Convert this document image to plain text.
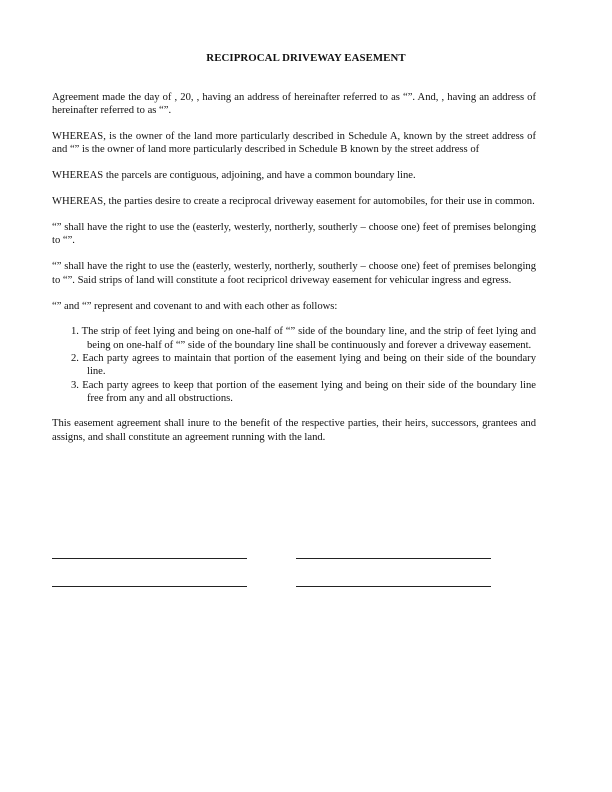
RECIPROCAL DRIVEWAY EASEMENT

Agreement made the day of , 20, , having an address of hereinafter referred to as “”. And, , having an address of hereinafter referred to as “”.

WHEREAS, is the owner of the land more particularly described in Schedule A, known by the street address of and “” is the owner of land more particularly described in Schedule B known by the street address of

WHEREAS the parcels are contiguous, adjoining, and have a common boundary line.

WHEREAS, the parties desire to create a reciprocal driveway easement for automobiles, for their use in common.

“” shall have the right to use the (easterly, westerly, northerly, southerly – choose one) feet of premises belonging to “”.

“” shall have the right to use the (easterly, westerly, northerly, southerly – choose one) feet of premises belonging to “”. Said strips of land will constitute a foot recipricol driveway easement for vehicular ingress and egress.

“” and “” represent and covenant to and with each other as follows:

1. The strip of feet lying and being on one-half of “” side of the boundary line, and the strip of feet lying and being on one-half of “” side of the boundary line shall be continuously and forever a driveway easement.
2. Each party agrees to maintain that portion of the easement lying and being on their side of the boundary line.
3. Each party agrees to keep that portion of the easement lying and being on their side of the boundary line free from any and all obstructions.

This easement agreement shall inure to the benefit of the respective parties, their heirs, successors, grantees and assigns, and shall constitute an agreement running with the land.
